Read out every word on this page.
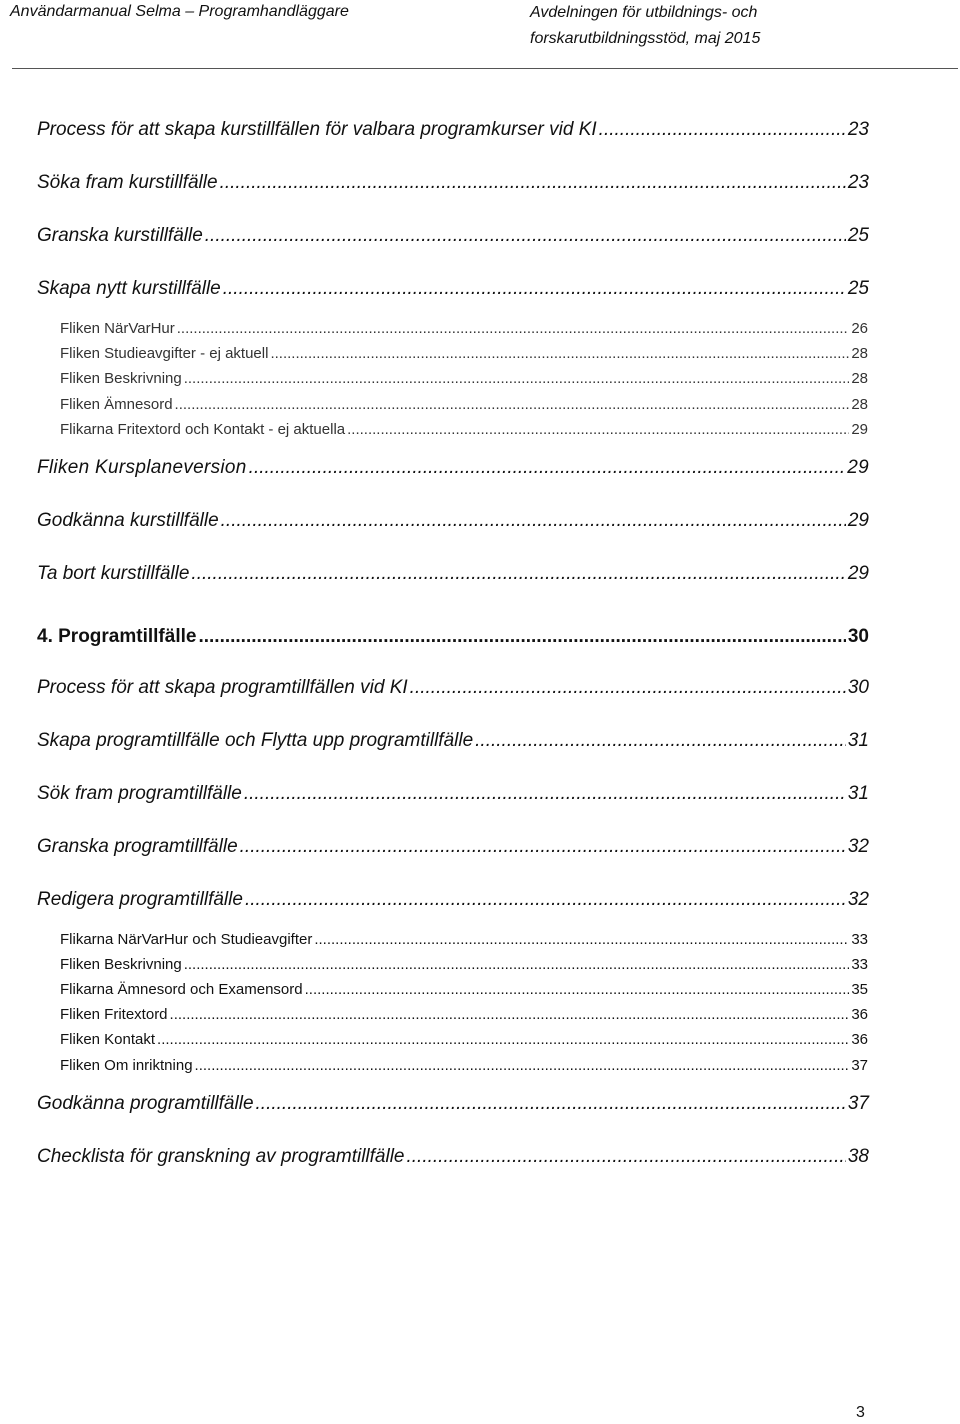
Användarmanual Selma – Programhandläggare	Avdelningen för utbildnings- och
forskarutbildningsstöd, maj 2015
Process för att skapa kurstillfällen för valbara programkurser vid KI .....	23
Söka fram kurstillfälle .....	23
Granska kurstillfälle .....	25
Skapa nytt kurstillfälle .....	25
Fliken NärVarHur .....	26
Fliken Studieavgifter - ej aktuell .....	28
Fliken Beskrivning .....	28
Fliken Ämnesord .....	28
Flikarna Fritextord och Kontakt - ej aktuella .....	29
Fliken Kursplaneversion .....	29
Godkänna kurstillfälle .....	29
Ta bort kurstillfälle .....	29
4. Programtillfälle .....	30
Process för att skapa programtillfällen vid KI .....	30
Skapa programtillfälle och Flytta upp programtillfälle .....	31
Sök fram programtillfälle .....	31
Granska programtillfälle .....	32
Redigera programtillfälle .....	32
Flikarna NärVarHur och Studieavgifter .....	33
Fliken Beskrivning .....	33
Flikarna Ämnesord och Examensord .....	35
Fliken Fritextord .....	36
Fliken Kontakt .....	36
Fliken Om inriktning .....	37
Godkänna programtillfälle .....	37
Checklista för granskning av programtillfälle .....	38
3
